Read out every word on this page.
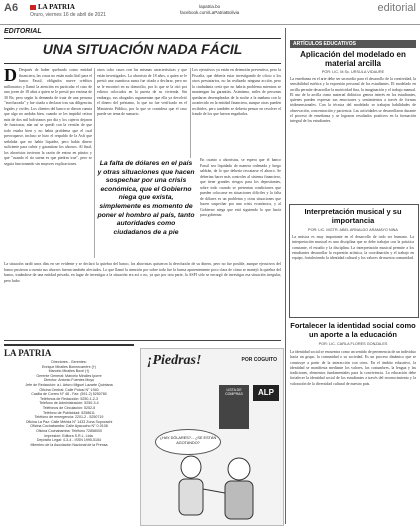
A6	LA PATRIA
Oruro, viernes 16 de abril de 2021
lapatria.bo
facebook.com/LaPatriaBolivia	editorial
EDITORIAL
UNA SITUACIÓN NADA FÁCIL
D Después de haber quebrado como entidad financiera, las cosas no están nada fácil para el banco Fassil, obligados nueve créditos millonarios y llamó la atención en particular el caso de una joven de 18 años a quien se le prestó por encima de 30 Bs; pero según la demanda de trata de una persona "involucrada" y fue citada a declarar tras sus diligencias legales y civiles. Los clientes del banco se dieron cuenta que algo no andaba bien, cuando se les impidió retirar más de dos mil bolivianos por día y los cajeros dejaron de funcionar, aún así se quedó con la versión de que todo estaba bien y no había problema que el cual preocuparse, incluso se hizo el respaldo de la Asfi que señalaba que no había liquidez, pero había dinero suficiente para cubrir y garantizar los ahorros. Al final, los ahorristas tuvieron la razón de entrar en pánico y que "cuando el río suena es que piedras trae", pero se seguía funcionando sin mayores explicaciones.
otros ocho casos con las mismas características y que están investigados. La ahorrista de 18 años, a quien se le prestó una cuantiosa suma fue citada a declarar, pero no se le encontró en su domicilio, por lo que se la citó por edictos colocados en la puerta de su vivienda. Sin embargo, sus abogados argumentan que ella ya devolvió el dinero del préstamo, lo que no fue verificado en el Ministerio Público, por lo que se considera que el caso puede ser tema de sumario.
Los ejecutivos ya están en detención preventiva, pero la Fiscalía, que debería estar investigando de oficio a los otros prestatarios, no ha realizado ninguna acción, pero la ciudadanía creía que no habría problema mientras se mantengan las garantías. Asimismo, miles de personas quedaron desempleadas de la noche a la mañana con lo acontecido en la entidad financiera, aunque otras pueden recibirles, pero también se debería pensar en resolver el fraude de los que fueron engañados.
La falta de dólares en el país y otras situaciones que hacen sospechar por una crisis económica, que el Gobierno niega que exista, simplemente es momento de poner el hombro al país, tanto autoridades como ciudadanos de a pie
En cuanto a ahorristas, se espera que el banco Fassil sea liquidado de manera ordenada y luego saldrán, de lo que debería rescatarse el ahorro. Se deberían hacer más controles al sistema financiero, que tiene grandes riesgos para los depositantes, sobre todo cuando se presentan condiciones que pueden colocarse en situaciones difíciles y la falta de dólares es un problema y otras situaciones que hacen sospechar por una crisis económica, y al Gobierno niega que está siguiendo lo que hacía para gobernar.
La situación tardó unos días en ser evidente y se declaró la quiebra del banco, los ahorristas quisieron la devolución de su dinero, pero no fue posible, aunque ejecutivos del banco pusieron a cuenta sus ahorros fueran también afectados. Lo que llamó la atención por sobre todo fue la forma aparentemente poco clara de cómo se manejó la quiebra del banco, tratándose de una entidad privada, en lugar de investigar a la situación era así o no, ya que por otra parte, la ASFI sólo se encargó de investigar esa situación irregular, pero hubo
LA PATRIA
Directores - Gerentes:
Enrique Miralles Bonnecarrère (†)
Marcelo Miralles Bové (†)
Gerente General: Marcelo Miralles Iporre
Director: Antonio Fuentes Moyo
Jefe de Redacción: a.i. Arturo Miguel Lazarte Quintana
Oficina Central: Calle Potosí N° 1940
Casilla de Correo N° 48 - Fax: (591-2) 5250780
Teléfonos de Redacción: 5250-1-2-3
Teléfono de Administración: 5250-3-4
Teléfonos de Circulación: 5252-5
Teléfono de Publicidad: 5258611
Teléfono de emergencia: 2201-2 - 5250719
Oficina La Paz: Calle Mérida N° 1433 Zona Sopocachi
Oficina Cochabamba: Calle Ayacucho N° 0-0108
Oficina Cochabamba: Teléfono 72858000
Impresión: Editora S.R.L. Ltda.
Depósito Legal: 4-3-4 - ISSN 1995-5154
Miembro de la Asociación Nacional de la Prensa
¡Piedras!	POR COGUITO
LISTA DE COMPRAS	ALP
¿HAY DÓLARES?... ¿SE ESTÁN AGOTANDO?
ARTÍCULOS EDUCATIVOS
Aplicación del modelado en material arcilla
POR: LIC. M.Sc. URSULA VIDAURE
La enseñanza en el arte debe ser un medio para el desarrollo de la creatividad, la sensibilidad estética y la expresión personal de los estudiantes. El modelado en arcilla permite desarrollar la motricidad fina, la imaginación y el trabajo manual. El uso de la arcilla como material didáctico genera interés en los estudiantes, quienes pueden expresar sus emociones y sentimientos a través de formas tridimensionales. Con la técnica del modelado se trabajan habilidades de observación, concentración y paciencia. Las actividades se desarrollaron durante el proceso de enseñanza y se lograron resultados positivos en la formación integral de los estudiantes.
Interpretación musical y su importancia
POR: LIC. MGTR. ABEL ARNALDO ARAMAYO NINA
La música es muy importante en el desarrollo de todo ser humano. La interpretación musical es una disciplina que se debe trabajar con la práctica constante, el estudio y la disciplina. La interpretación musical permite a los estudiantes desarrollar la expresión artística, la coordinación y el trabajo en equipo, fortaleciendo la identidad cultural y los valores de nuestra comunidad.
Fortalecer la identidad social como un aporte a la educación
POR: LIC. CARLA FLORES GONZALES
La identidad social se encuentra como un sentido de pertenencia de un individuo hacia un grupo, la comunidad o su sociedad. Es un proceso dinámico que se construye a partir de la interacción con otros. En el ámbito educativo, la identidad se manifiesta mediante los valores, las costumbres, la lengua y las tradiciones, elementos fundamentales para la convivencia. La educación debe fortalecer la identidad social de los estudiantes a través del reconocimiento y la valoración de la diversidad cultural de nuestro país.
